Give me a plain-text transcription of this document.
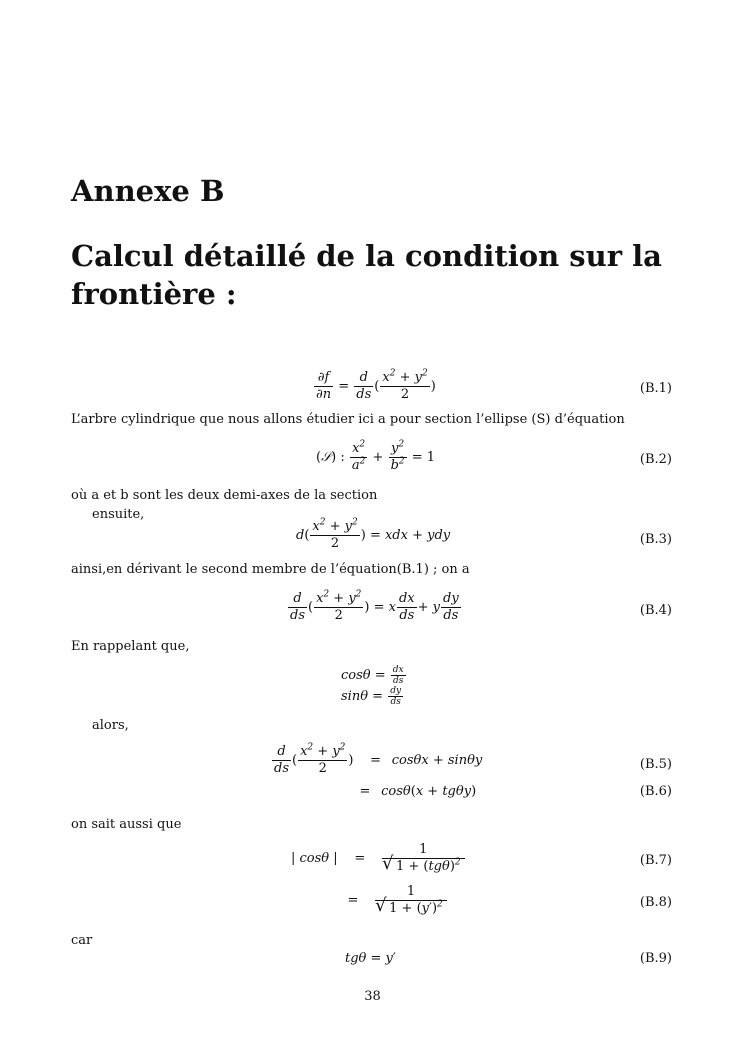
Annexe B
Calcul détaillé de la condition sur la frontière :
$\frac{\partial f}{\partial n} = \frac{d}{ds}$ ( $\frac{x^2 + y^2}{2}$ )	(B.1)
L’arbre cylindrique que nous allons étudier ici a pour section l’ellipse (S) d’équation
(𝒮) : $\frac{x^2}{a^2} + \frac{y^2}{b^2} = 1$	(B.2)
où a et b sont les deux demi-axes de la section
ensuite,
$d( \frac{x^2 + y^2}{2}$ ) = xdx + ydy	(B.3)
ainsi,en dérivant le second membre de l’équation(B.1) ; on a
$\frac{d}{ds}$ ( $\frac{x^2 + y^2}{2}$ ) = x $\frac{dx}{ds} + y \frac{dy}{ds}$	(B.4)
En rappelant que,
$\cos\theta = \frac{dx}{ds}$
$\sin\theta = \frac{dy}{ds}$
alors,
$\frac{d}{ds}$ ( $\frac{x^2 + y^2}{2}$ ) = cosθx + sinθy	(B.5)
= cosθ(x + tgθy)	(B.6)
on sait aussi que
| cosθ | = 1
√ $1 + (tg\theta)^2$	(B.7)
= 1
√ $1 + (y')^2$	(B.8)
car
tgθ = y′	(B.9)
38
